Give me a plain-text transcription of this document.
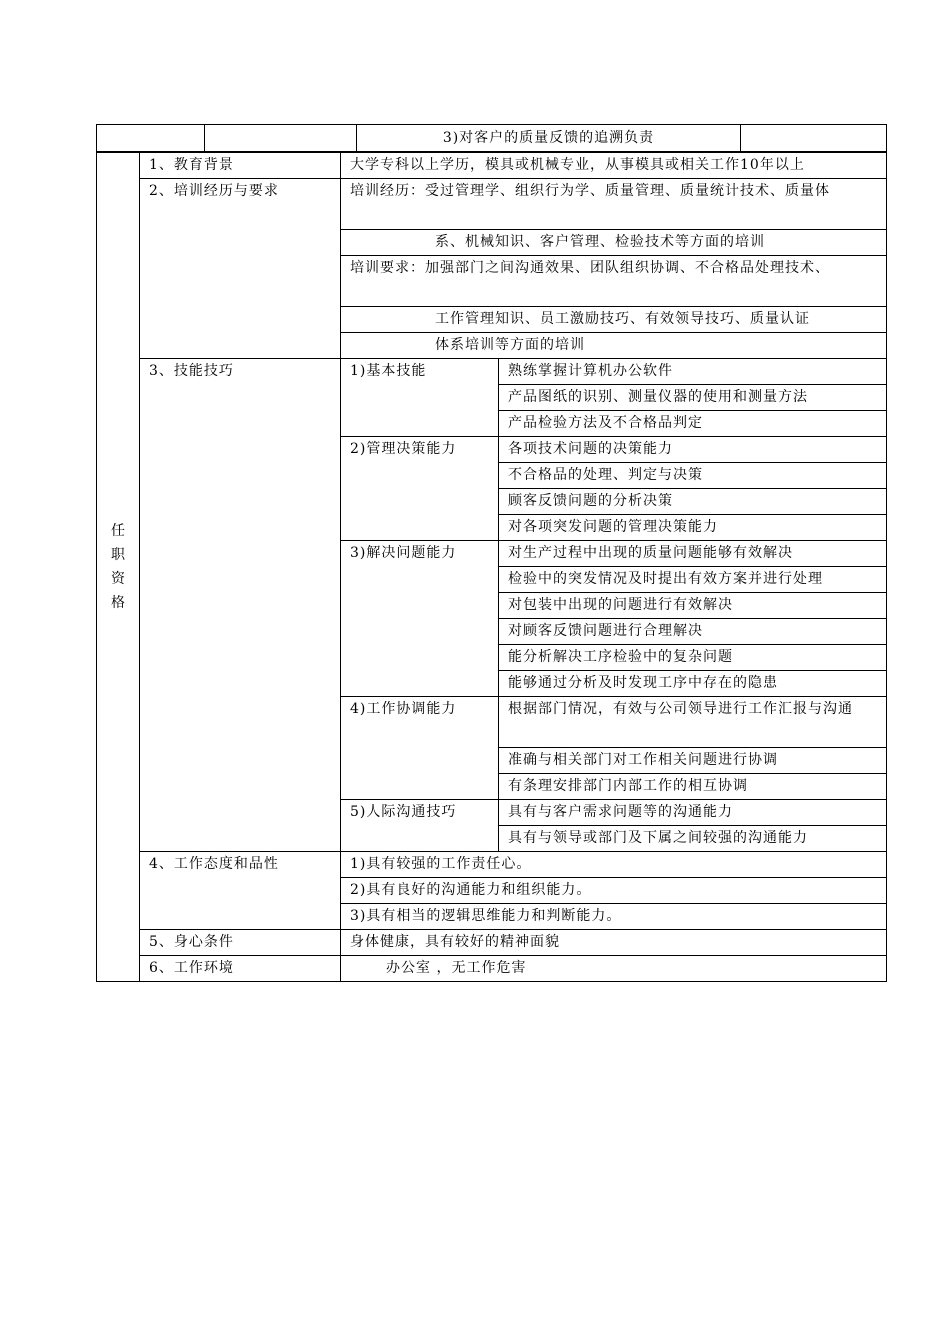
		3)对客户的质量反馈的追溯负责	
任
职
资
格	1、教育背景	大学专科以上学历，模具或机械专业，从事模具或相关工作10年以上	
	2、培训经历与要求	培训经历：受过管理学、组织行为学、质量管理、质量统计技术、质量体	
		系、机械知识、客户管理、检验技术等方面的培训	
		培训要求：加强部门之间沟通效果、团队组织协调、不合格品处理技术、	
		工作管理知识、员工激励技巧、有效领导技巧、质量认证	
		体系培训等方面的培训	
	3、技能技巧	1)基本技能	熟练掌握计算机办公软件
			产品图纸的识别、测量仪器的使用和测量方法
			产品检验方法及不合格品判定
		2)管理决策能力	各项技术问题的决策能力
			不合格品的处理、判定与决策
			顾客反馈问题的分析决策
			对各项突发问题的管理决策能力
		3)解决问题能力	对生产过程中出现的质量问题能够有效解决
			检验中的突发情况及时提出有效方案并进行处理
			对包装中出现的问题进行有效解决
			对顾客反馈问题进行合理解决
			能分析解决工序检验中的复杂问题
			能够通过分析及时发现工序中存在的隐患
		4)工作协调能力	根据部门情况，有效与公司领导进行工作汇报与沟通
			准确与相关部门对工作相关问题进行协调
			有条理安排部门内部工作的相互协调
		5)人际沟通技巧	具有与客户需求问题等的沟通能力
			具有与领导或部门及下属之间较强的沟通能力
	4、工作态度和品性	1)具有较强的工作责任心。	
		2)具有良好的沟通能力和组织能力。	
		3)具有相当的逻辑思维能力和判断能力。	
	5、身心条件	身体健康，具有较好的精神面貌	
	6、工作环境	办公室 ，无工作危害	
